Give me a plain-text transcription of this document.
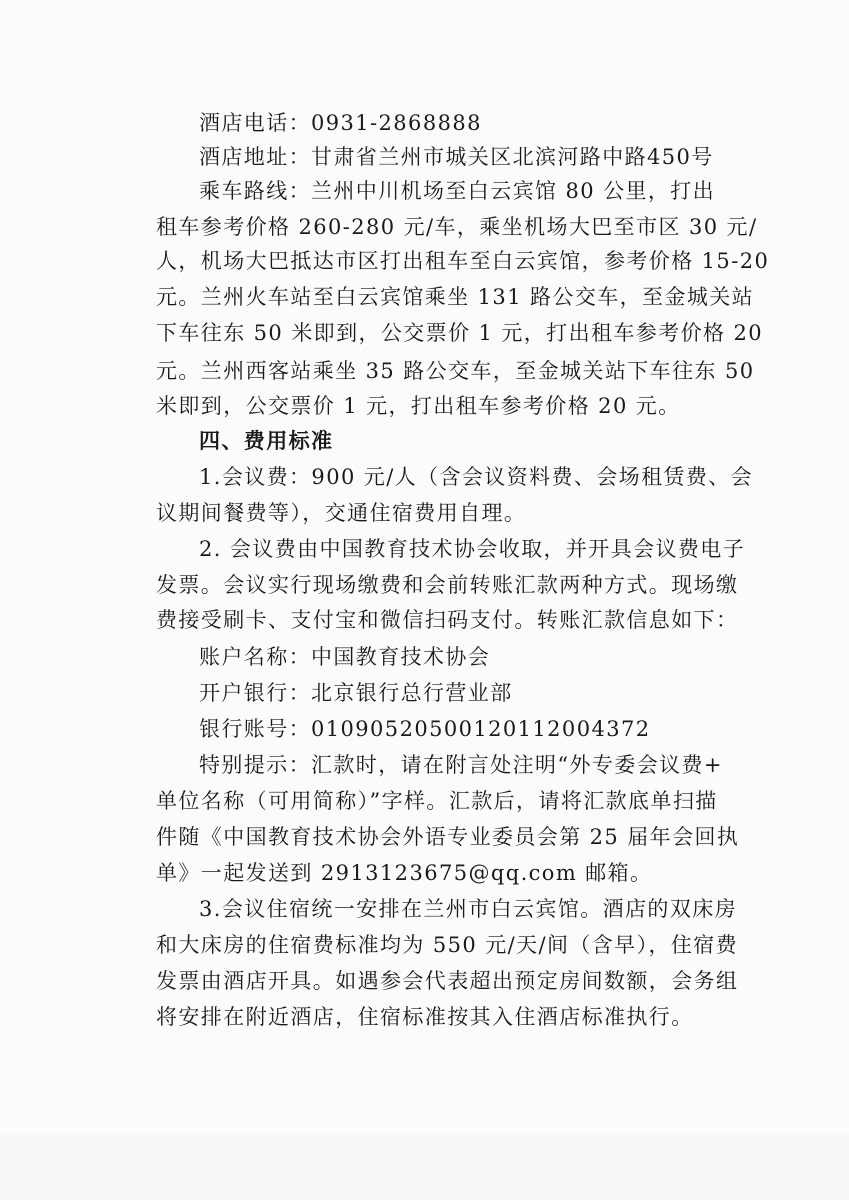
酒店电话：0931-2868888
酒店地址：甘肃省兰州市城关区北滨河路中路450号
乘车路线：兰州中川机场至白云宾馆 80 公里，打出
租车参考价格 260-280 元/车，乘坐机场大巴至市区 30 元/
人，机场大巴抵达市区打出租车至白云宾馆，参考价格 15-20
元。兰州火车站至白云宾馆乘坐 131 路公交车，至金城关站
下车往东 50 米即到，公交票价 1 元，打出租车参考价格 20
元。兰州西客站乘坐 35 路公交车，至金城关站下车往东 50
米即到，公交票价 1 元，打出租车参考价格 20 元。
四、费用标准
1.会议费：900 元/人（含会议资料费、会场租赁费、会
议期间餐费等），交通住宿费用自理。
2. 会议费由中国教育技术协会收取，并开具会议费电子
发票。会议实行现场缴费和会前转账汇款两种方式。现场缴
费接受刷卡、支付宝和微信扫码支付。转账汇款信息如下：
账户名称：中国教育技术协会
开户银行：北京银行总行营业部
银行账号：01090520500120112004372
特别提示：汇款时，请在附言处注明“外专委会议费+
单位名称（可用简称）”字样。汇款后，请将汇款底单扫描
件随《中国教育技术协会外语专业委员会第 25 届年会回执
单》一起发送到 2913123675@qq.com 邮箱。
3.会议住宿统一安排在兰州市白云宾馆。酒店的双床房
和大床房的住宿费标准均为 550 元/天/间（含早），住宿费
发票由酒店开具。如遇参会代表超出预定房间数额，会务组
将安排在附近酒店，住宿标准按其入住酒店标准执行。
